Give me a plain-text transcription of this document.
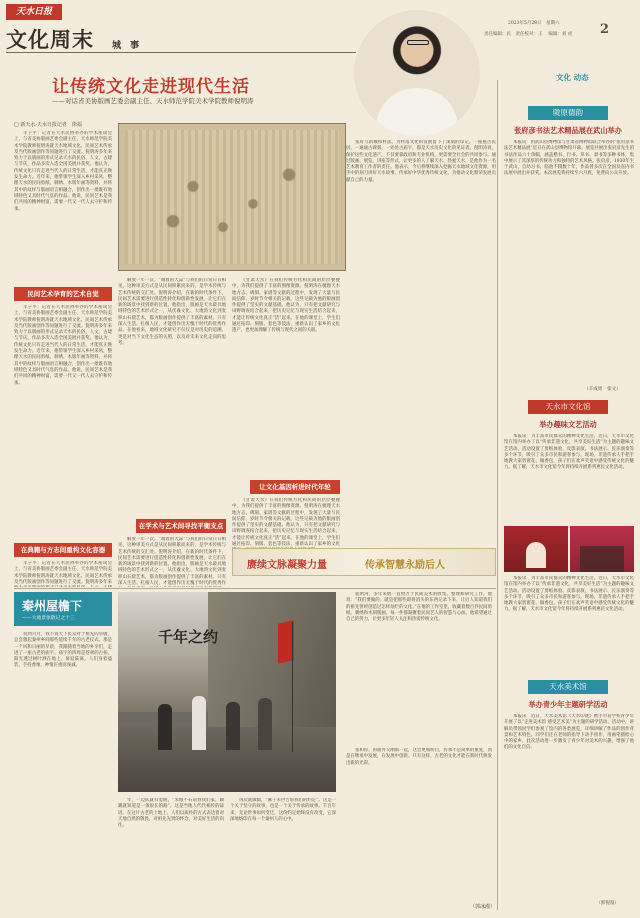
天水日报
文化周末 城　事
2023年5月28日　星期六
责任编辑：民　责任校对：王 　编辑：刘 虎 2
文化 动态
让传统文化走进现代生活
——对话省美协版画艺委会副主任、天水师范学院美术学院教师倪明涛
□ 新天水·天水日报记者　徐福
羊子平：记者在天水民协举办的学术座谈会上，与省美协版画艺委会副主任、天水师范学院美术学院教师倪明涛就天水地域文化、民间艺术传承及当代版画创作等问题进行了交流。倪明涛多年来致力于以版画的形式记录天水的民俗、人文、古建与节庆，作品多次入选全国美展并获奖。他认为，传统文化只有走进当代人的日常生活，才能真正焕发生命力。近年来，他带领学生深入乡村采风，整理天水的民间剪纸、刺绣、木版年画等资料，并将其中的纹样与版画语言相融合，创作出一批既有地域特色又具时代气息的作品。他说，民间艺术是我们共同的精神财富，需要一代又一代人去守护和传承。
民间艺术孕育的艺术自觉
羊子平：记者在天水民协举办的学术座谈会上，与省美协版画艺委会副主任、天水师范学院美术学院教师倪明涛就天水地域文化、民间艺术传承及当代版画创作等问题进行了交流。倪明涛多年来致力于以版画的形式记录天水的民俗、人文、古建与节庆，作品多次入选全国美展并获奖。他认为，传统文化只有走进当代人的日常生活，才能真正焕发生命力。近年来，他带领学生深入乡村采风，整理天水的民间剪纸、刺绣、木版年画等资料，并将其中的纹样与版画语言相融合，创作出一批既有地域特色又具时代气息的作品。他说，民间艺术是我们共同的精神财富，需要一代又一代人去守护和传承。
在典籍与方志间重构文化容器
羊子平：记者在天水民协举办的学术座谈会上，与省美协版画艺委会副主任、天水师范学院美术学院教师倪明涛就天水地域文化、民间艺术传承及当代版画创作等问题进行了交流。倪明涛多年来
解放一年一次。“端着的大蒜”与我们的日常日日相见，这种审美方式是从民间积累而来的，是学术传统与艺术传统的交汇处。倪明涛介绍，在新的时代条件下，民间艺术需要进行创造性转化和创新性发展，让它们在新的场景中找到新的位置。他指出，版画是天水最具地域特色的艺术形式之一，从伏羲文化、大地湾文化到麦积山石窟艺术，都为版画创作提供了丰富的素材。只有深入生活、扎根人民，才能创作出无愧于时代的优秀作品。在他看来，地域文化研究不仅仅是对历史的追溯，更是对当下文化生态的关照，以及对未来文化走向的思考。
在学术与艺术间寻找平衡支点
解放一年一次。“端着的大蒜”与我们的日常日日相见，这种审美方式是从民间积累而来的，是学术传统与艺术传统的交汇处。倪明涛介绍，在新的时代条件下，民间艺术需要进行创造性转化和创新性发展，让它们在新的场景中找到新的位置。他指出，版画是天水最具地域特色的艺术形式之一，从伏羲文化、大地湾文化到麦积山石窟艺术，都为版画创作提供了丰富的素材。只有深入生活、扎根人民，才能创作出无愧于时代的优秀作
《甘肃天水》在我们传统方化和民间的层层叠叠中，为我们提供了丰富的图像资源。倪明涛在梳理天水地方志、碑刻、家谱等文献的过程中，发现了大量与民间信仰、岁时节令相关的记载，这些记载为他的版画创作提供了坚实的文献基础。他认为，只有把文献研究与田野调查结合起来，把历史记忆与现实生活结合起来，才能让传统文化真正“活”起来。在他的课堂上，学生们通过拓印、刻版、套色等技法，重新认识了家乡的文化遗产，也更加理解了传统与现代之间的关联。
让文化基因析进时代年轮
《甘肃天水》在我们传统方化和民间的层层叠叠中，为我们提供了丰富的图像资源。倪明涛在梳理天水地方志、碑刻、家谱等文献的过程中，发现了大量与民间信仰、岁时节令相关的记载，这些记载为他的版画创作提供了坚实的文献基础。他认为，只有把文献研究与田野调查结合起来，把历史记忆与现实生活结合起来，才能让传统文化真正“活”起来。在他的课堂上，学生们通过拓印、刻版、套色等技法，重新认识了家乡的文化
张府与新城和村落，为村落文化的发展留下了深刻的印记。一座座古民居、一通通古碑刻、一处处古庙宇，都是天水历史文化的见证者。倪明涛说，保护这些文化遗产，不仅要靠政府和专业机构，更需要全社会的共同参与。通过版画、展览、讲座等形式，让更多的人了解天水、热爱天水，是他作为一名艺术教育工作者的责任。他表示，今后将继续深入挖掘天水地域文化资源，用手中的刻刀讲好天水故事，传承好中华优秀传统文化，为推动文化繁荣发展贡献自己的力量。
赓续文脉凝聚力量	传承智慧永励后人
秦州屋檐下
——大地景象散记之十三
说到六月，我不说天下民众对于祖先的崇敬，总会想起秦州乡间那些延续千年的古老仪式。那是一个风和日丽的早晨，我跟随着当地的乡亲们，走进了一座古老的庙宇。庙宇的四周是苍翠的古柏，阳光透过树叶洒在地上，斑驳陆离。人们身着盛装，手持香烛，神情庄重而虔诚。
千年之约
年，一边队就有着曲，“米粮不石前春我们家，踢踢就知道是一条很长的路”。这是当地人代代相传的谚语。在这片古老的土地上，人们以质朴的方式表达着对天地自然的敬畏，对祖先先贤的怀念，对美好生活的向往。
再次就做做，“麻子来世告诉我们的约定”。这是一个关于坚守的故事，也是一个关于传承的故事。千百年来，无论世事如何变迁，这份约定始终没有改变，它深深地烙印在每一个秦州人的心中。
就明涛，多年来他一直致力于民间美术的收集、整理和研究工作。他说：“我们要做的，就是把那些即将消失的东西记录下来，让后人知道我们的祖先曾经创造过怎样灿烂的文化。”在他的工作室里，收藏着数百件民间剪纸、刺绣和木刻版画，每一件都凝聚着民间艺人的智慧与心血。他希望通过自己的努力，让更多年轻人关注和热爱传统文化。
张和你，的面外交刚那一起，这会更加明白，传承不是简单的重复，而是在继承中发展，在发展中创新。只有这样，古老的文化才能在新时代焕发出新的光彩。
（郭冰漫）
陇原德韵
张府彦书法艺术精品展在武山举办
本报讯　由武山县博物馆与甘肃省博物馆联合举办的“张府彦书法艺术精品展”近日在武山县博物馆开幕。展览共展出张府彦先生的书法作品六十余幅，涵盖楷书、行书、草书、隶书等多种书体，集中展示了其深厚的传统功力和独特的艺术风格。张府彦，1930年生于武山，自幼习书，临池不辍数十年，作品曾多次在全国及省内书法展中展出并获奖。本次展览将持续至六月底，免费向公众开放。
（辛成周　张文）
天水市文化馆
举办趣味文艺活动
本报讯　为丰富市民群众的精神文化生活，近日，天水市文化馆在馆内举办了以“传承非遗文化，共享美好生活”为主题的趣味文艺活动。活动设置了剪纸体验、皮影表演、书法展示、民乐演奏等多个环节，吸引了众多市民和游客参与。现场，非遗传承人手把手地教大家剪窗花、做香包，孩子们在欢声笑语中感受传统文化的魅力。据了解，天水市文化馆今年将持续开展系列惠民文化活动。
本报讯　为丰富市民群众的精神文化生活，近日，天水市文化馆在馆内举办了以“传承非遗文化，共享美好生活”为主题的趣味文艺活动。活动设置了剪纸体验、皮影表演、书法展示、民乐演奏等多个环节，吸引了众多市民和游客参与。现场，非遗传承人手把手地教大家剪窗花、做香包，孩子们在欢声笑语中感受传统文化的魅力。据了解，天水市文化馆今年将持续开展系列惠民文化活动。
天水美术馆
举办青少年主题研学活动
本报讯　近日，天水美术馆《天水印迹》携手市直学校青少年开展了以“走进美术馆 感受艺术美”为主题的研学活动。活动中，讲解员带领同学们参观了馆内的各类展览，详细讲解了作品的创作背景和艺术特色。同学们还在老师的指导下动手创作，用画笔描绘心中的家乡。此次活动进一步激发了青少年对美术的兴趣，增强了他们的文化自信。
（郭倪漫）
